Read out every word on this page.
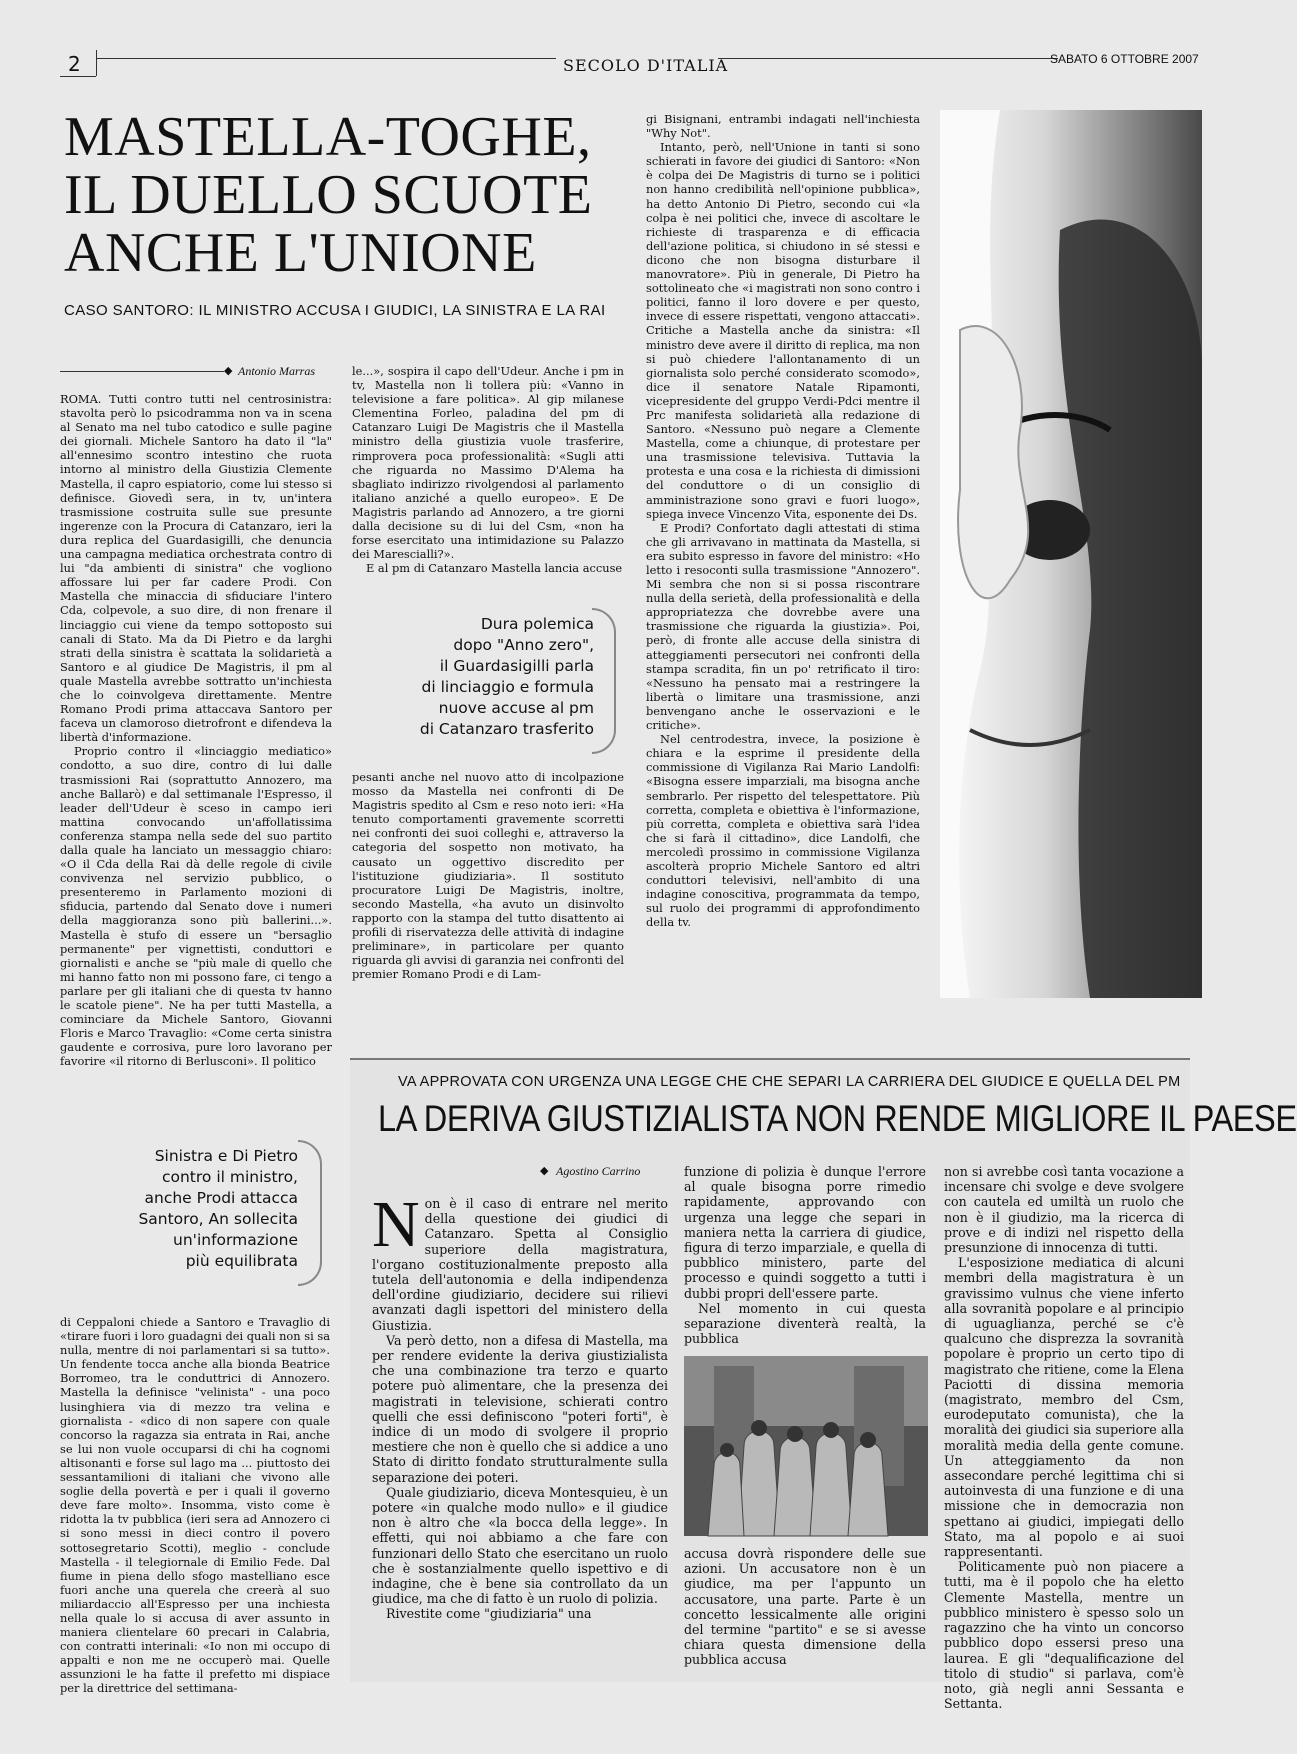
2	SECOLO D'ITALIA	SABATO 6 OTTOBRE 2007
MASTELLA-TOGHE,
IL DUELLO SCUOTE
ANCHE L'UNIONE
CASO SANTORO: IL MINISTRO ACCUSA I GIUDICI, LA SINISTRA E LA RAI
◆ Antonio Marras

ROMA. Tutti contro tutti nel centrosinistra: stavolta però lo psicodramma non va in scena al Senato ma nel tubo catodico e sulle pagine dei giornali. Michele Santoro ha dato il "la" all'ennesimo scontro intestino che ruota intorno al ministro della Giustizia Clemente Mastella, il capro espiatorio, come lui stesso si definisce. Giovedì sera, in tv, un'intera trasmissione costruita sulle sue presunte ingerenze con la Procura di Catanzaro, ieri la dura replica del Guardasigilli, che denuncia una campagna mediatica orchestrata contro di lui "da ambienti di sinistra" che vogliono affossare lui per far cadere Prodi. Con Mastella che minaccia di sfiduciare l'intero Cda, colpevole, a suo dire, di non frenare il linciaggio cui viene da tempo sottoposto sui canali di Stato. Ma da Di Pietro e da larghi strati della sinistra è scattata la solidarietà a Santoro e al giudice De Magistris, il pm al quale Mastella avrebbe sottratto un'inchiesta che lo coinvolgeva direttamente. Mentre Romano Prodi prima attaccava Santoro per faceva un clamoroso dietrofront e difendeva la libertà d'informazione.

Proprio contro il «linciaggio mediatico» condotto, a suo dire, contro di lui dalle trasmissioni Rai (soprattutto Annozero, ma anche Ballarò) e dal settimanale l'Espresso, il leader dell'Udeur è sceso in campo ieri mattina convocando un'affollatissima conferenza stampa nella sede del suo partito dalla quale ha lanciato un messaggio chiaro: «O il Cda della Rai dà delle regole di civile convivenza nel servizio pubblico, o presenteremo in Parlamento mozioni di sfiducia, partendo dal Senato dove i numeri della maggioranza sono più ballerini...». Mastella è stufo di essere un "bersaglio permanente" per vignettisti, conduttori e giornalisti e anche se "più male di quello che mi hanno fatto non mi possono fare, ci tengo a parlare per gli italiani che di questa tv hanno le scatole piene". Ne ha per tutti Mastella, a cominciare da Michele Santoro, Giovanni Floris e Marco Travaglio: «Come certa sinistra gaudente e corrosiva, pure loro lavorano per favorire «il ritorno di Berlusconi». Il politico

le...», sospira il capo dell'Udeur. Anche i pm in tv, Mastella non li tollera più: «Vanno in televisione a fare politica». Al gip milanese Clementina Forleo, paladina del pm di Catanzaro Luigi De Magistris che il Mastella ministro della giustizia vuole trasferire, rimprovera poca professionalità: «Sugli atti che riguarda no Massimo D'Alema ha sbagliato indirizzo rivolgendosi al parlamento italiano anziché a quello europeo». E De Magistris parlando ad Annozero, a tre giorni dalla decisione su di lui del Csm, «non ha forse esercitato una intimidazione su Palazzo dei Marescialli?».

E al pm di Catanzaro Mastella lancia accuse

Dura polemica
dopo "Anno zero",
il Guardasigilli parla
di linciaggio e formula
nuove accuse al pm
di Catanzaro trasferito

pesanti anche nel nuovo atto di incolpazione mosso da Mastella nei confronti di De Magistris spedito al Csm e reso noto ieri: «Ha tenuto comportamenti gravemente scorretti nei confronti dei suoi colleghi e, attraverso la categoria del sospetto non motivato, ha causato un oggettivo discredito per l'istituzione giudiziaria». Il sostituto procuratore Luigi De Magistris, inoltre, secondo Mastella, «ha avuto un disinvolto rapporto con la stampa del tutto disattento ai profili di riservatezza delle attività di indagine preliminare», in particolare per quanto riguarda gli avvisi di garanzia nei confronti del premier Romano Prodi e di Lam-

gi Bisignani, entrambi indagati nell'inchiesta "Why Not".

Intanto, però, nell'Unione in tanti si sono schierati in favore dei giudici di Santoro: «Non è colpa dei De Magistris di turno se i politici non hanno credibilità nell'opinione pubblica», ha detto Antonio Di Pietro, secondo cui «la colpa è nei politici che, invece di ascoltare le richieste di trasparenza e di efficacia dell'azione politica, si chiudono in sé stessi e dicono che non bisogna disturbare il manovratore». Più in generale, Di Pietro ha sottolineato che «i magistrati non sono contro i politici, fanno il loro dovere e per questo, invece di essere rispettati, vengono attaccati». Critiche a Mastella anche da sinistra: «Il ministro deve avere il diritto di replica, ma non si può chiedere l'allontanamento di un giornalista solo perché considerato scomodo», dice il senatore Natale Ripamonti, vicepresidente del gruppo Verdi-Pdci mentre il Prc manifesta solidarietà alla redazione di Santoro. «Nessuno può negare a Clemente Mastella, come a chiunque, di protestare per una trasmissione televisiva. Tuttavia la protesta e una cosa e la richiesta di dimissioni del conduttore o di un consiglio di amministrazione sono gravi e fuori luogo», spiega invece Vincenzo Vita, esponente dei Ds.

E Prodi? Confortato dagli attestati di stima che gli arrivavano in mattinata da Mastella, si era subito espresso in favore del ministro: «Ho letto i resoconti sulla trasmissione "Annozero". Mi sembra che non si si possa riscontrare nulla della serietà, della professionalità e della appropriatezza che dovrebbe avere una trasmissione che riguarda la giustizia». Poi, però, di fronte alle accuse della sinistra di atteggiamenti persecutori nei confronti della stampa scradita, fin un po' retrificato il tiro: «Nessuno ha pensato mai a restringere la libertà o limitare una trasmissione, anzi benvengano anche le osservazioni e le critiche».

Nel centrodestra, invece, la posizione è chiara e la esprime il presidente della commissione di Vigilanza Rai Mario Landolfi: «Bisogna essere imparziali, ma bisogna anche sembrarlo. Per rispetto del telespettatore. Più corretta, completa e obiettiva è l'informazione, più corretta, completa e obiettiva sarà l'idea che si farà il cittadino», dice Landolfi, che mercoledì prossimo in commissione Vigilanza ascolterà proprio Michele Santoro ed altri conduttori televisivi, nell'ambito di una indagine conoscitiva, programmata da tempo, sul ruolo dei programmi di approfondimento della tv.

di Ceppaloni chiede a Santoro e Travaglio di «tirare fuori i loro guadagni dei quali non si sa nulla, mentre di noi parlamentari si sa tutto». Un fendente tocca anche alla bionda Beatrice Borromeo, tra le conduttrici di Annozero. Mastella la definisce "velinista" - una poco lusinghiera via di mezzo tra velina e giornalista - «dico di non sapere con quale concorso la ragazza sia entrata in Rai, anche se lui non vuole occuparsi di chi ha cognomi altisonanti e forse sul lago ma ... piuttosto dei sessantamilioni di italiani che vivono alle soglie della povertà e per i quali il governo deve fare molto». Insomma, visto come è ridotta la tv pubblica (ieri sera ad Annozero ci si sono messi in dieci contro il povero sottosegretario Scotti), meglio - conclude Mastella - il telegiornale di Emilio Fede. Dal fiume in piena dello sfogo mastelliano esce fuori anche una querela che creerà al suo miliardaccio all'Espresso per una inchiesta nella quale lo si accusa di aver assunto in maniera clientelare 60 precari in Calabria, con contratti interinali: «Io non mi occupo di appalti e non me ne occuperò mai. Quelle assunzioni le ha fatte il prefetto mi dispiace per la direttrice del settimana-

Sinistra e Di Pietro
contro il ministro,
anche Prodi attacca
Santoro, An sollecita
un'informazione
più equilibrata
VA APPROVATA CON URGENZA UNA LEGGE CHE CHE SEPARI LA CARRIERA DEL GIUDICE E QUELLA DEL PM
LA DERIVA GIUSTIZIALISTA NON RENDE MIGLIORE IL PAESE
◆ Agostino Carrino

Non è il caso di entrare nel merito della questione dei giudici di Catanzaro. Spetta al Consiglio superiore della magistratura, l'organo costituzionalmente preposto alla tutela dell'autonomia e della indipendenza dell'ordine giudiziario, decidere sui rilievi avanzati dagli ispettori del ministero della Giustizia.

Va però detto, non a difesa di Mastella, ma per rendere evidente la deriva giustizialista che una combinazione tra terzo e quarto potere può alimentare, che la presenza dei magistrati in televisione, schierati contro quelli che essi definiscono "poteri forti", è indice di un modo di svolgere il proprio mestiere che non è quello che si addice a uno Stato di diritto fondato strutturalmente sulla separazione dei poteri.

Quale giudiziario, diceva Montesquieu, è un potere «in qualche modo nullo» e il giudice non è altro che «la bocca della legge». In effetti, qui noi abbiamo a che fare con funzionari dello Stato che esercitano un ruolo che è sostanzialmente quello ispettivo e di indagine, che è bene sia controllato da un giudice, ma che di fatto è un ruolo di polizia.

Rivestite come "giudiziaria" una

funzione di polizia è dunque l'errore al quale bisogna porre rimedio rapidamente, approvando con urgenza una legge che separi in maniera netta la carriera di giudice, figura di terzo imparziale, e quella di pubblico ministero, parte del processo e quindi soggetto a tutti i dubbi propri dell'essere parte.

Nel momento in cui questa separazione diventerà realtà, la pubblica

accusa dovrà rispondere delle sue azioni. Un accusatore non è un giudice, ma per l'appunto un accusatore, una parte. Parte è un concetto lessicalmente alle origini del termine "partito" e se si avesse chiara questa dimensione della pubblica accusa

non si avrebbe così tanta vocazione a incensare chi svolge e deve svolgere con cautela ed umiltà un ruolo che non è il giudizio, ma la ricerca di prove e di indizi nel rispetto della presunzione di innocenza di tutti.

L'esposizione mediatica di alcuni membri della magistratura è un gravissimo vulnus che viene inferto alla sovranità popolare e al principio di uguaglianza, perché se c'è qualcuno che disprezza la sovranità popolare è proprio un certo tipo di magistrato che ritiene, come la Elena Paciotti di dissina memoria (magistrato, membro del Csm, eurodeputato comunista), che la moralità dei giudici sia superiore alla moralità media della gente comune. Un atteggiamento da non assecondare perché legittima chi si autoinvesta di una funzione e di una missione che in democrazia non spettano ai giudici, impiegati dello Stato, ma al popolo e ai suoi rappresentanti.

Politicamente può non piacere a tutti, ma è il popolo che ha eletto Clemente Mastella, mentre un pubblico ministero è spesso solo un ragazzino che ha vinto un concorso pubblico dopo essersi preso una laurea. E gli "dequalificazione del titolo di studio" si parlava, com'è noto, già negli anni Sessanta e Settanta.
